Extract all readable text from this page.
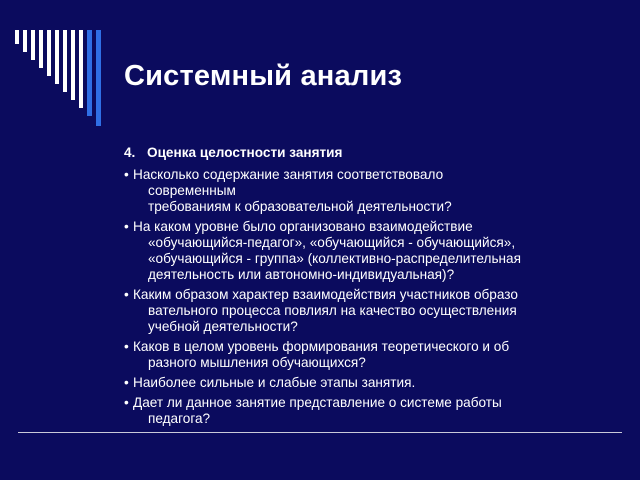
Системный анализ
4. Оценка целостности занятия
• Насколько содержание занятия соответствовало
современным
требованиям к образовательной деятельности?
• На каком уровне было организовано взаимодействие
«обучающийся-педагог», «обучающийся - обучающийся»,
«обучающийся - группа» (коллективно-распределительная
деятельность или автономно-индивидуальная)?
• Каким образом характер взаимодействия участников образо
вательного процесса повлиял на качество осуществления
учебной деятельности?
• Каков в целом уровень формирования теоретического и об
разного мышления обучающихся?
• Наиболее сильные и слабые этапы занятия.
• Дает ли данное занятие представление о системе работы
педагога?
